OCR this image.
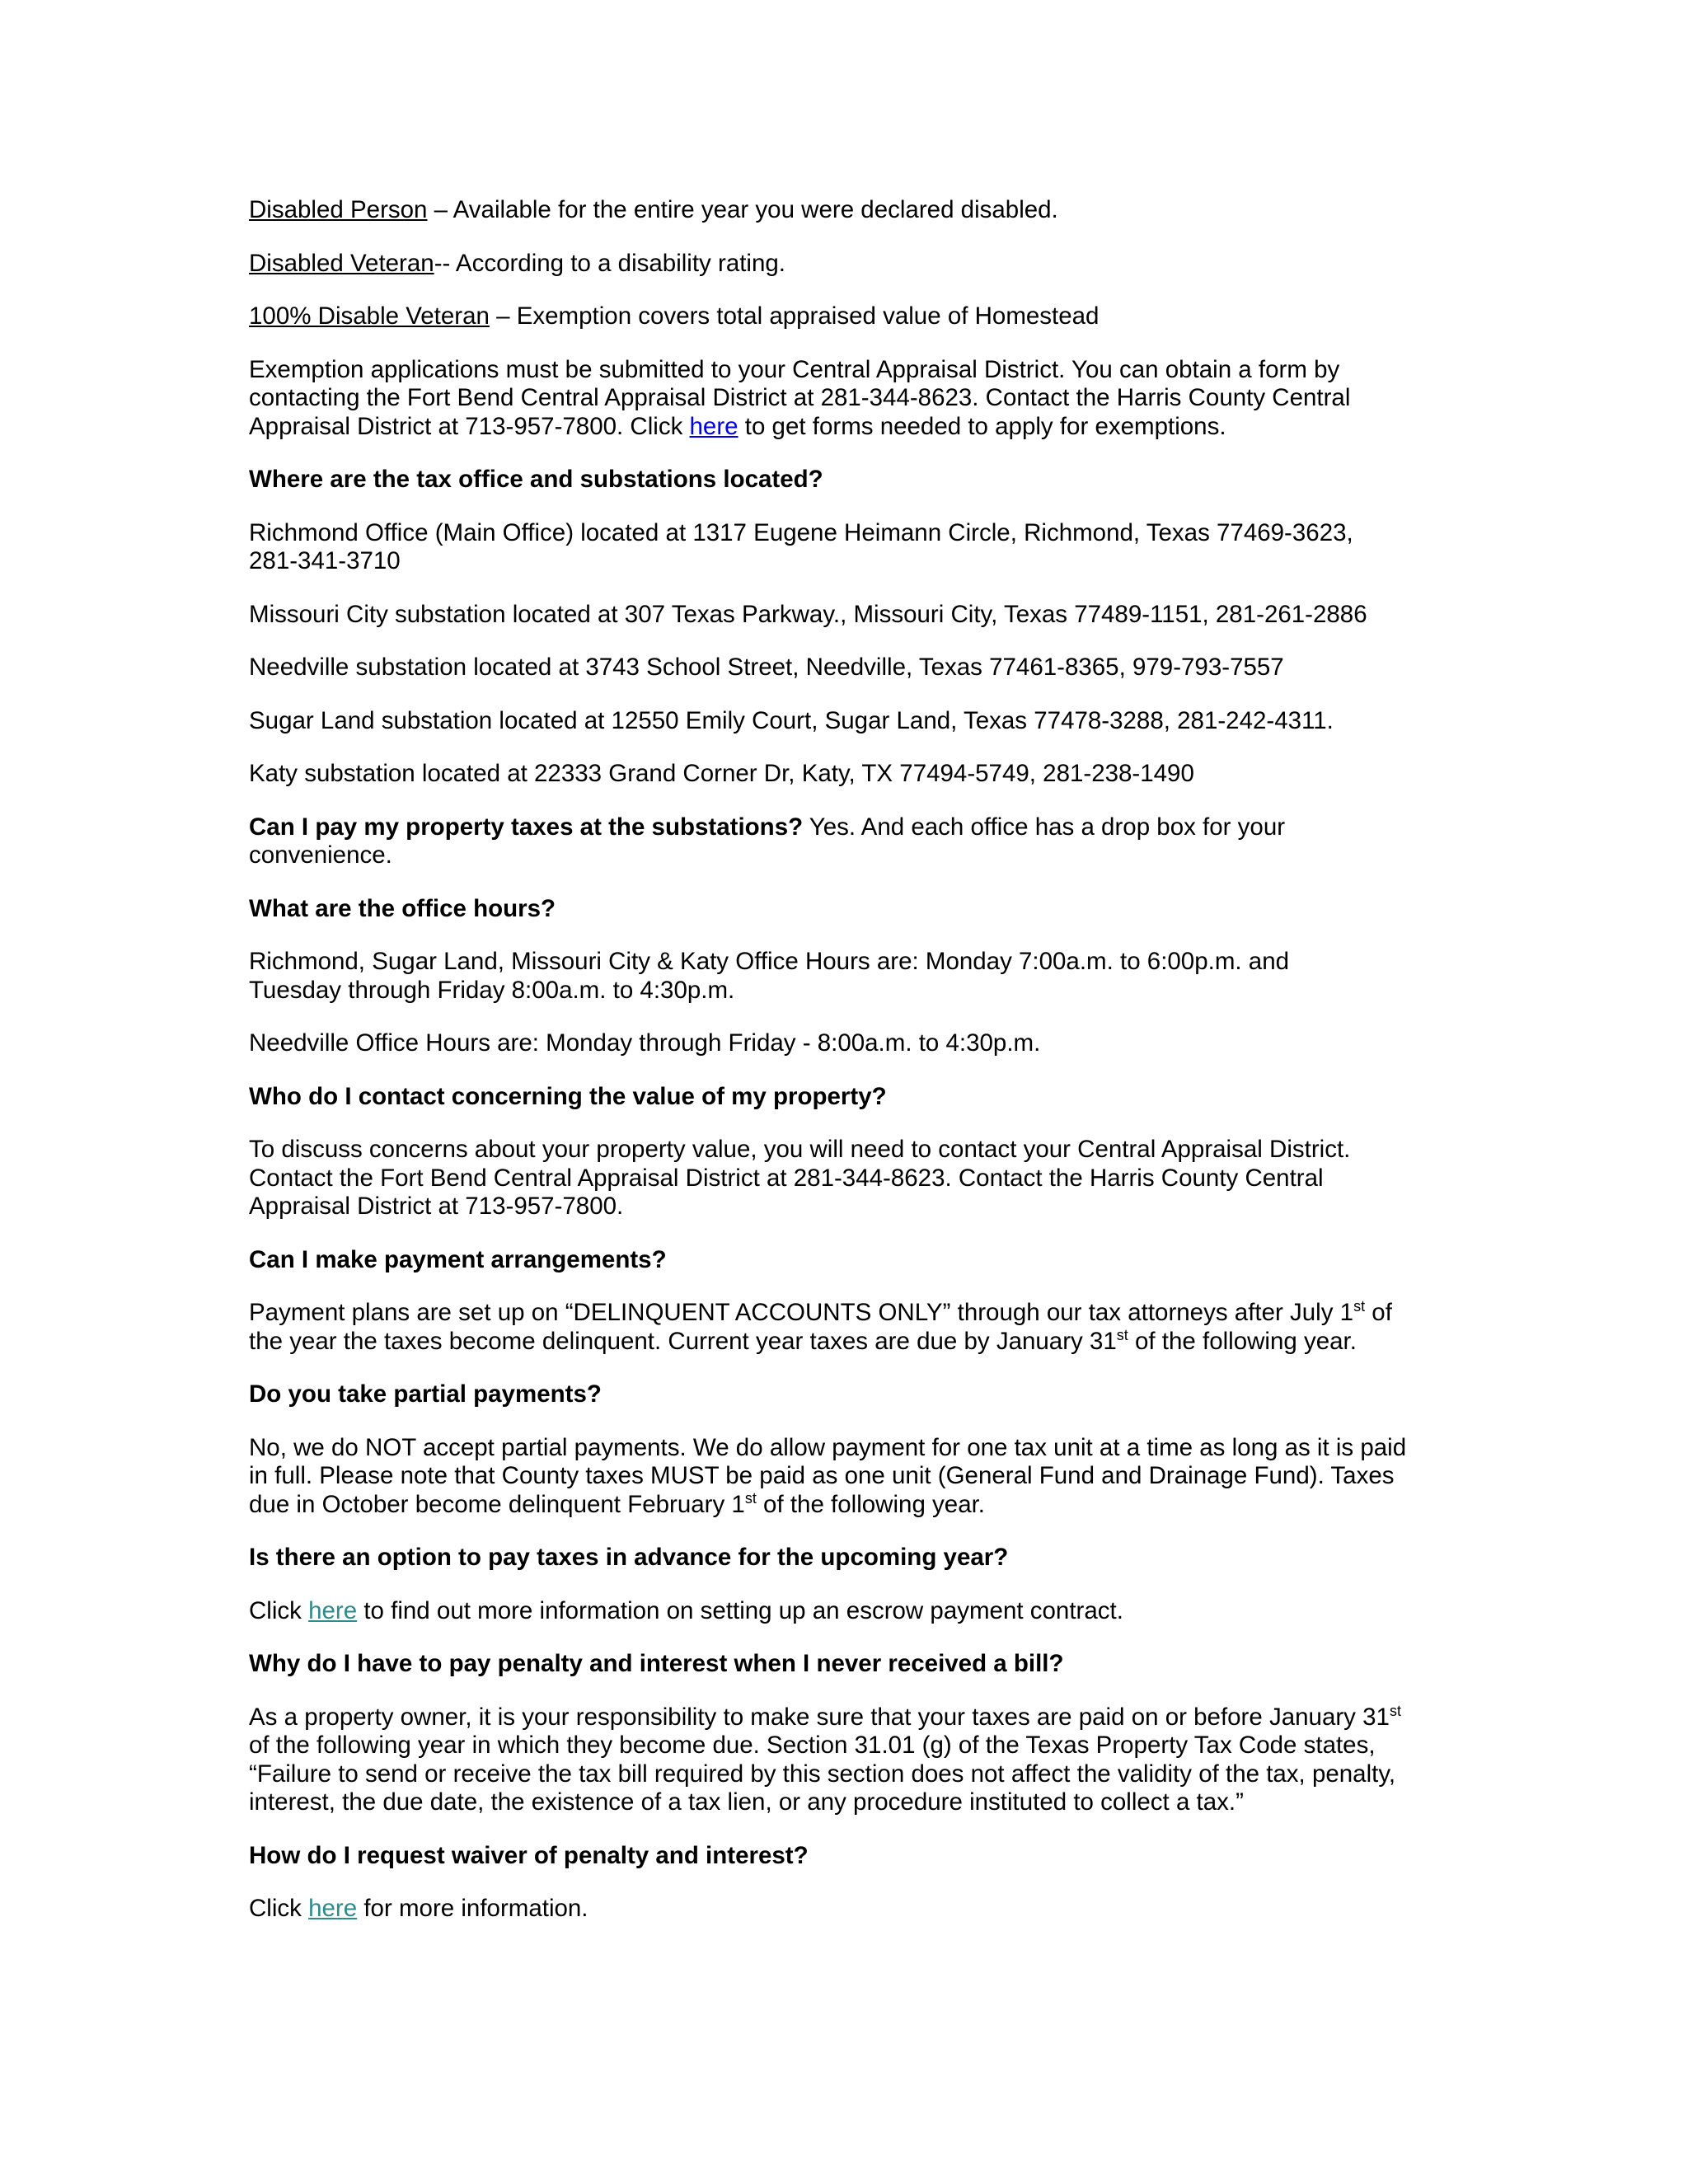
Disabled Person – Available for the entire year you were declared disabled.

Disabled Veteran-- According to a disability rating.

100% Disable Veteran – Exemption covers total appraised value of Homestead

Exemption applications must be submitted to your Central Appraisal District. You can obtain a form by
contacting the Fort Bend Central Appraisal District at 281-344-8623. Contact the Harris County Central
Appraisal District at 713-957-7800. Click here to get forms needed to apply for exemptions.

Where are the tax office and substations located?

Richmond Office (Main Office) located at 1317 Eugene Heimann Circle, Richmond, Texas 77469-3623,
281-341-3710

Missouri City substation located at 307 Texas Parkway., Missouri City, Texas 77489-1151, 281-261-2886

Needville substation located at 3743 School Street, Needville, Texas 77461-8365, 979-793-7557

Sugar Land substation located at 12550 Emily Court, Sugar Land, Texas 77478-3288, 281-242-4311.

Katy substation located at 22333 Grand Corner Dr, Katy, TX 77494-5749, 281-238-1490

Can I pay my property taxes at the substations? Yes. And each office has a drop box for your
convenience.

What are the office hours?

Richmond, Sugar Land, Missouri City & Katy Office Hours are: Monday 7:00a.m. to 6:00p.m. and
Tuesday through Friday 8:00a.m. to 4:30p.m.

Needville Office Hours are: Monday through Friday - 8:00a.m. to 4:30p.m.

Who do I contact concerning the value of my property?

To discuss concerns about your property value, you will need to contact your Central Appraisal District.
Contact the Fort Bend Central Appraisal District at 281-344-8623. Contact the Harris County Central
Appraisal District at 713-957-7800.

Can I make payment arrangements?

Payment plans are set up on “DELINQUENT ACCOUNTS ONLY” through our tax attorneys after July 1st of
the year the taxes become delinquent. Current year taxes are due by January 31st of the following year.

Do you take partial payments?

No, we do NOT accept partial payments. We do allow payment for one tax unit at a time as long as it is paid
in full. Please note that County taxes MUST be paid as one unit (General Fund and Drainage Fund). Taxes
due in October become delinquent February 1st of the following year.

Is there an option to pay taxes in advance for the upcoming year?

Click here to find out more information on setting up an escrow payment contract.

Why do I have to pay penalty and interest when I never received a bill?

As a property owner, it is your responsibility to make sure that your taxes are paid on or before January 31st
of the following year in which they become due. Section 31.01 (g) of the Texas Property Tax Code states,
“Failure to send or receive the tax bill required by this section does not affect the validity of the tax, penalty,
interest, the due date, the existence of a tax lien, or any procedure instituted to collect a tax.”

How do I request waiver of penalty and interest?

Click here for more information.
